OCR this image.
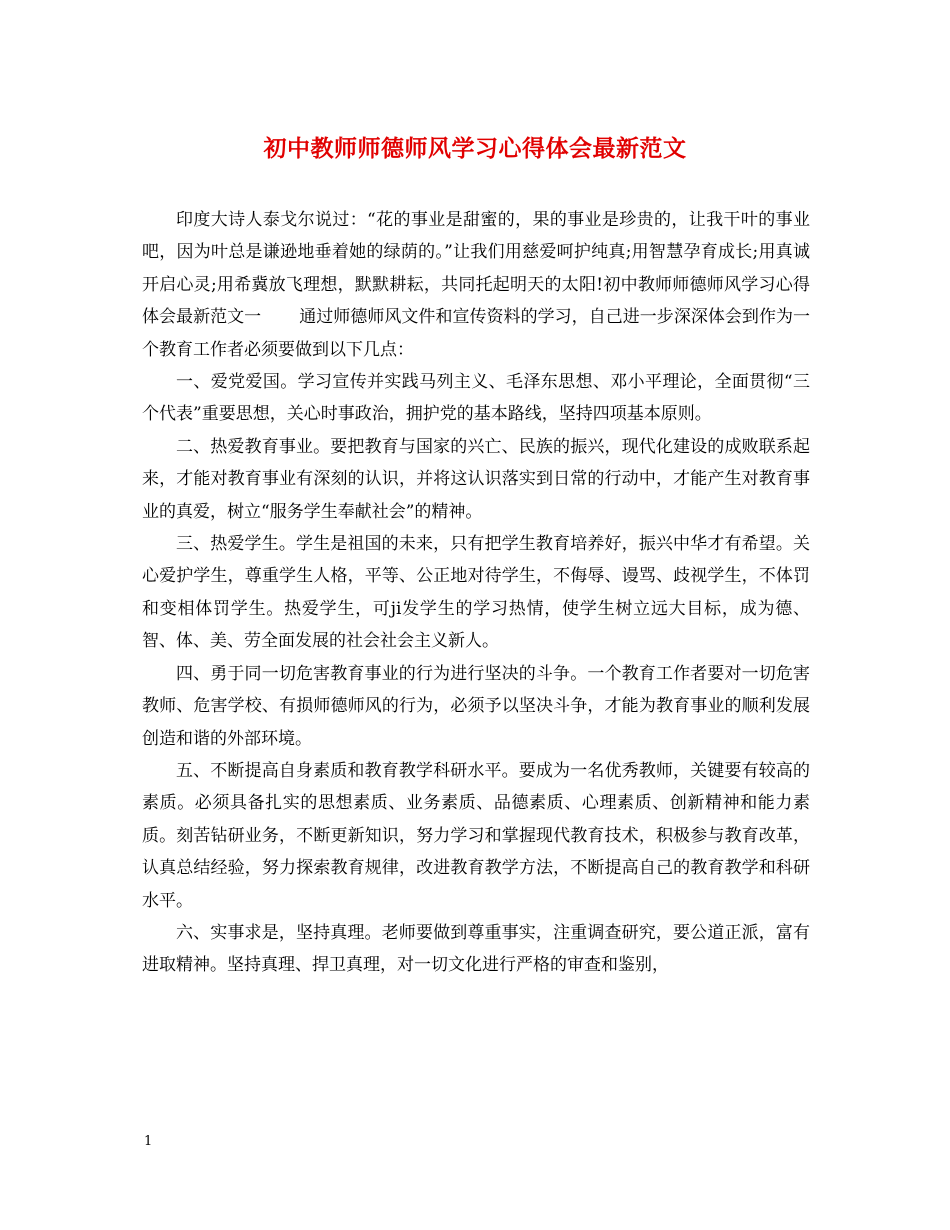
初中教师师德师风学习心得体会最新范文

印度大诗人泰戈尔说过：“花的事业是甜蜜的，果的事业是珍贵的，让我干叶的事业吧，因为叶总是谦逊地垂着她的绿荫的。”让我们用慈爱呵护纯真;用智慧孕育成长;用真诚开启心灵;用希冀放飞理想，默默耕耘，共同托起明天的太阳!初中教师师德师风学习心得体会最新范文一 通过师德师风文件和宣传资料的学习，自己进一步深深体会到作为一个教育工作者必须要做到以下几点：

一、爱党爱国。学习宣传并实践马列主义、毛泽东思想、邓小平理论，全面贯彻“三个代表”重要思想，关心时事政治，拥护党的基本路线，坚持四项基本原则。

二、热爱教育事业。要把教育与国家的兴亡、民族的振兴，现代化建设的成败联系起来，才能对教育事业有深刻的认识，并将这认识落实到日常的行动中，才能产生对教育事业的真爱，树立“服务学生奉献社会”的精神。

三、热爱学生。学生是祖国的未来，只有把学生教育培养好，振兴中华才有希望。关心爱护学生，尊重学生人格，平等、公正地对待学生，不侮辱、谩骂、歧视学生，不体罚和变相体罚学生。热爱学生，可ji发学生的学习热情，使学生树立远大目标，成为德、智、体、美、劳全面发展的社会社会主义新人。

四、勇于同一切危害教育事业的行为进行坚决的斗争。一个教育工作者要对一切危害教师、危害学校、有损师德师风的行为，必须予以坚决斗争，才能为教育事业的顺利发展创造和谐的外部环境。

五、不断提高自身素质和教育教学科研水平。要成为一名优秀教师，关键要有较高的素质。必须具备扎实的思想素质、业务素质、品德素质、心理素质、创新精神和能力素质。刻苦钻研业务，不断更新知识，努力学习和掌握现代教育技术，积极参与教育改革，认真总结经验，努力探索教育规律，改进教育教学方法，不断提高自己的教育教学和科研水平。

六、实事求是，坚持真理。老师要做到尊重事实，注重调查研究，要公道正派，富有进取精神。坚持真理、捍卫真理，对一切文化进行严格的审查和鉴别，

1
